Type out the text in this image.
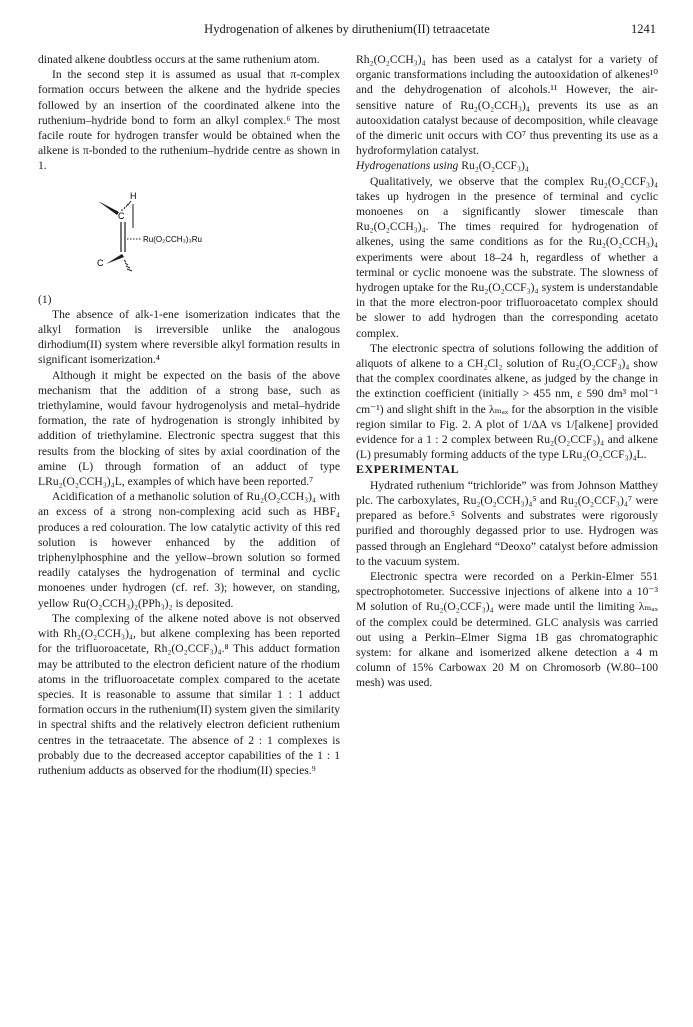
Hydrogenation of alkenes by diruthenium(II) tetraacetate	1241

dinated alkene doubtless occurs at the same ruthenium atom.

In the second step it is assumed as usual that π-complex formation occurs between the alkene and the hydride species followed by an insertion of the coordinated alkene into the ruthenium–hydride bond to form an alkyl complex.⁶ The most facile route for hydrogen transfer would be obtained when the alkene is π-bonded to the ruthenium–hydride centre as shown in 1.

H
C
Ru(O₂CCH₃)₃Ru
C

(1)

The absence of alk-1-ene isomerization indicates that the alkyl formation is irreversible unlike the analogous dirhodium(II) system where reversible alkyl formation results in significant isomerization.⁴

Although it might be expected on the basis of the above mechanism that the addition of a strong base, such as triethylamine, would favour hydrogenolysis and metal–hydride formation, the rate of hydrogenation is strongly inhibited by addition of triethylamine. Electronic spectra suggest that this results from the blocking of sites by axial coordination of the amine (L) through formation of an adduct of type LRu₂(O₂CCH₃)₄L, examples of which have been reported.⁷

Acidification of a methanolic solution of Ru₂(O₂CCH₃)₄ with an excess of a strong non-complexing acid such as HBF₄ produces a red colouration. The low catalytic activity of this red solution is however enhanced by the addition of triphenylphosphine and the yellow–brown solution so formed readily catalyses the hydrogenation of terminal and cyclic monoenes under hydrogen (cf. ref. 3); however, on standing, yellow Ru(O₂CCH₃)₂(PPh₃)₂ is deposited.

The complexing of the alkene noted above is not observed with Rh₂(O₂CCH₃)₄, but alkene complexing has been reported for the trifluoroacetate, Rh₂(O₂CCF₃)₄.⁸ This adduct formation may be attributed to the electron deficient nature of the rhodium atoms in the trifluoroacetate complex compared to the acetate species. It is reasonable to assume that similar 1 : 1 adduct formation occurs in the ruthenium(II) system given the similarity in spectral shifts and the relatively electron deficient ruthenium centres in the tetraacetate. The absence of 2 : 1 complexes is probably due to the decreased acceptor capabilities of the 1 : 1 ruthenium adducts as observed for the rhodium(II) species.⁹

Rh₂(O₂CCH₃)₄ has been used as a catalyst for a variety of organic transformations including the autooxidation of alkenes¹⁰ and the dehydrogenation of alcohols.¹¹ However, the air-sensitive nature of Ru₂(O₂CCH₃)₄ prevents its use as an autooxidation catalyst because of decomposition, while cleavage of the dimeric unit occurs with CO⁷ thus preventing its use as a hydroformylation catalyst.

Hydrogenations using Ru₂(O₂CCF₃)₄

Qualitatively, we observe that the complex Ru₂(O₂CCF₃)₄ takes up hydrogen in the presence of terminal and cyclic monoenes on a significantly slower timescale than Ru₂(O₂CCH₃)₄. The times required for hydrogenation of alkenes, using the same conditions as for the Ru₂(O₂CCH₃)₄ experiments were about 18–24 h, regardless of whether a terminal or cyclic monoene was the substrate. The slowness of hydrogen uptake for the Ru₂(O₂CCF₃)₄ system is understandable in that the more electron-poor trifluoroacetato complex should be slower to add hydrogen than the corresponding acetato complex.

The electronic spectra of solutions following the addition of aliquots of alkene to a CH₂Cl₂ solution of Ru₂(O₂CCF₃)₄ show that the complex coordinates alkene, as judged by the change in the extinction coefficient (initially > 455 nm, ε 590 dm³ mol⁻¹ cm⁻¹) and slight shift in the λₘₐₓ for the absorption in the visible region similar to Fig. 2. A plot of 1/ΔA vs 1/[alkene] provided evidence for a 1 : 2 complex between Ru₂(O₂CCF₃)₄ and alkene (L) presumably forming adducts of the type LRu₂(O₂CCF₃)₄L.

EXPERIMENTAL

Hydrated ruthenium “trichloride” was from Johnson Matthey plc. The carboxylates, Ru₂(O₂CCH₃)₄⁵ and Ru₂(O₂CCF₃)₄⁷ were prepared as before.⁵ Solvents and substrates were rigorously purified and thoroughly degassed prior to use. Hydrogen was passed through an Englehard “Deoxo” catalyst before admission to the vacuum system.

Electronic spectra were recorded on a Perkin-Elmer 551 spectrophotometer. Successive injections of alkene into a 10⁻³ M solution of Ru₂(O₂CCF₃)₄ were made until the limiting λₘₐₓ of the complex could be determined. GLC analysis was carried out using a Perkin–Elmer Sigma 1B gas chromatographic system: for alkane and isomerized alkene detection a 4 m column of 15% Carbowax 20 M on Chromosorb (W.80–100 mesh) was used.
